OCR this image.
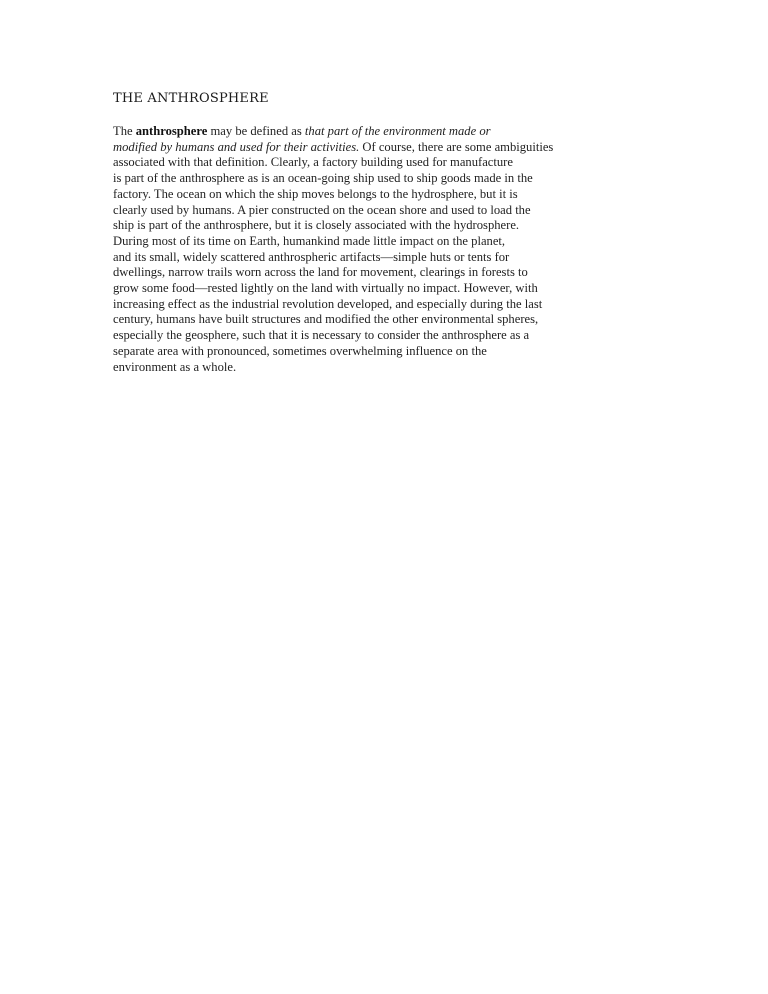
THE ANTHROSPHERE

The anthrosphere may be defined as that part of the environment made or
modified by humans and used for their activities. Of course, there are some ambiguities
associated with that definition. Clearly, a factory building used for manufacture
is part of the anthrosphere as is an ocean-going ship used to ship goods made in the
factory. The ocean on which the ship moves belongs to the hydrosphere, but it is
clearly used by humans. A pier constructed on the ocean shore and used to load the
ship is part of the anthrosphere, but it is closely associated with the hydrosphere.
During most of its time on Earth, humankind made little impact on the planet,
and its small, widely scattered anthrospheric artifacts—simple huts or tents for
dwellings, narrow trails worn across the land for movement, clearings in forests to
grow some food—rested lightly on the land with virtually no impact. However, with
increasing effect as the industrial revolution developed, and especially during the last
century, humans have built structures and modified the other environmental spheres,
especially the geosphere, such that it is necessary to consider the anthrosphere as a
separate area with pronounced, sometimes overwhelming influence on the
environment as a whole.
